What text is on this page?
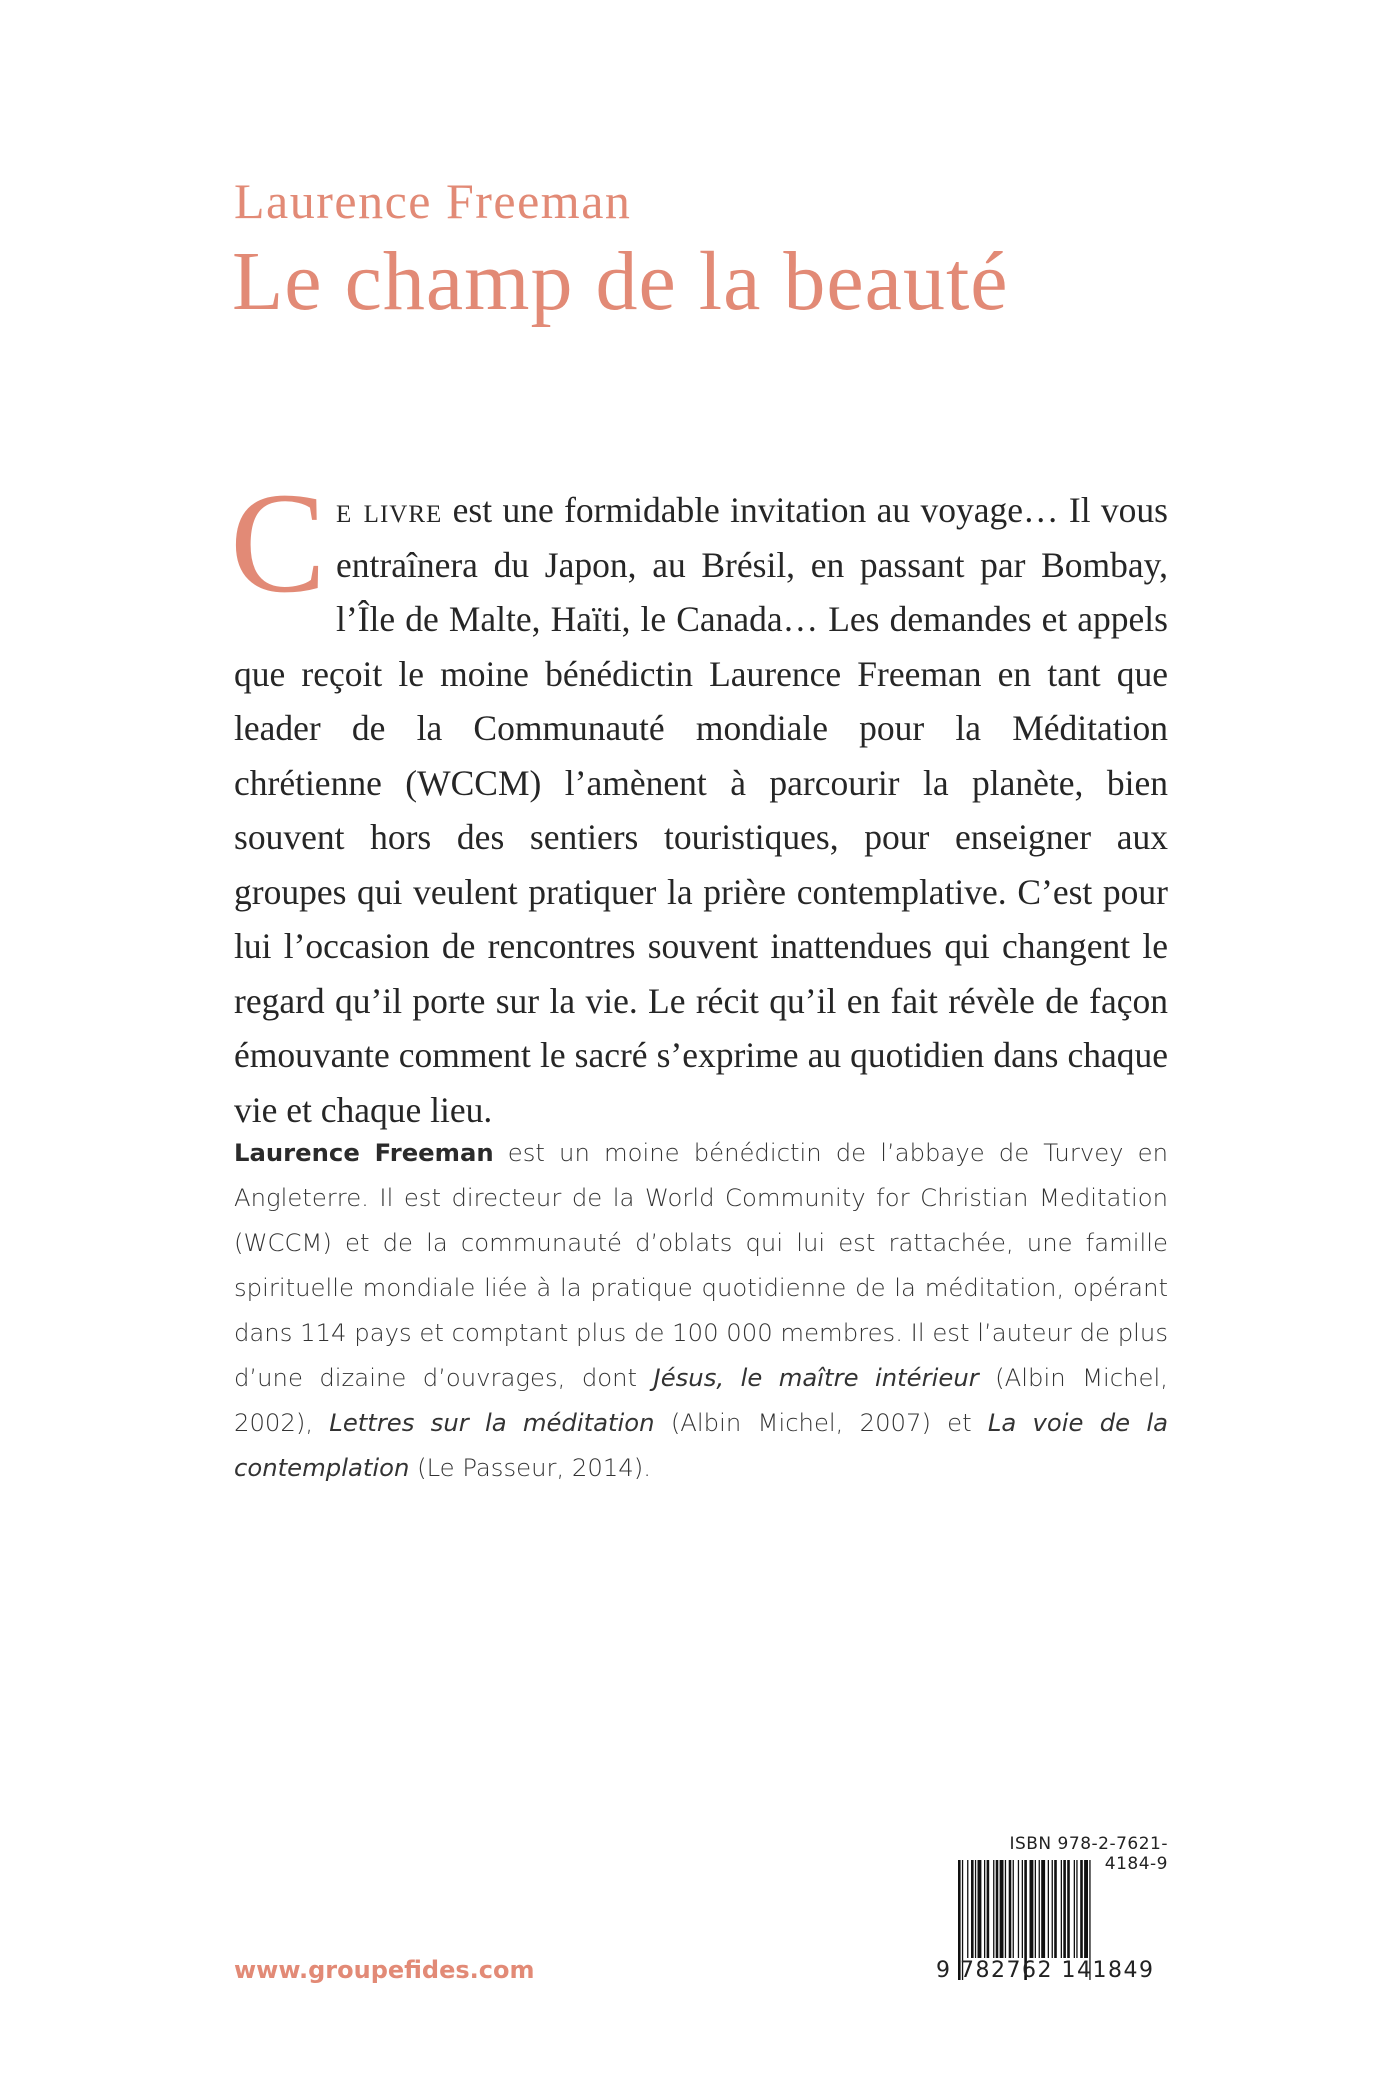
Laurence Freeman
Le champ de la beauté
Ce livre est une formidable invitation au voyage… Il vous entraînera du Japon, au Brésil, en passant par Bombay, l’Île de Malte, Haïti, le Canada… Les demandes et appels que reçoit le moine bénédictin Laurence Freeman en tant que leader de la Communauté mondiale pour la Méditation chrétienne (WCCM) l’amènent à parcourir la planète, bien souvent hors des sentiers touristiques, pour enseigner aux groupes qui veulent pratiquer la prière contemplative. C’est pour lui l’occasion de rencontres souvent inattendues qui changent le regard qu’il porte sur la vie. Le récit qu’il en fait révèle de façon émouvante comment le sacré s’exprime au quotidien dans chaque vie et chaque lieu.
Laurence Freeman est un moine bénédictin de l’abbaye de Turvey en Angleterre. Il est directeur de la World Community for Christian Meditation (WCCM) et de la communauté d’oblats qui lui est rattachée, une famille spirituelle mondiale liée à la pratique quotidienne de la méditation, opérant dans 114 pays et comptant plus de 100 000 membres. Il est l’auteur de plus d’une dizaine d’ouvrages, dont Jésus, le maître intérieur (Albin Michel, 2002), Lettres sur la méditation (Albin Michel, 2007) et La voie de la contemplation (Le Passeur, 2014).
ISBN 978-2-7621-4184-9
9 782762 141849
www.groupefides.com
